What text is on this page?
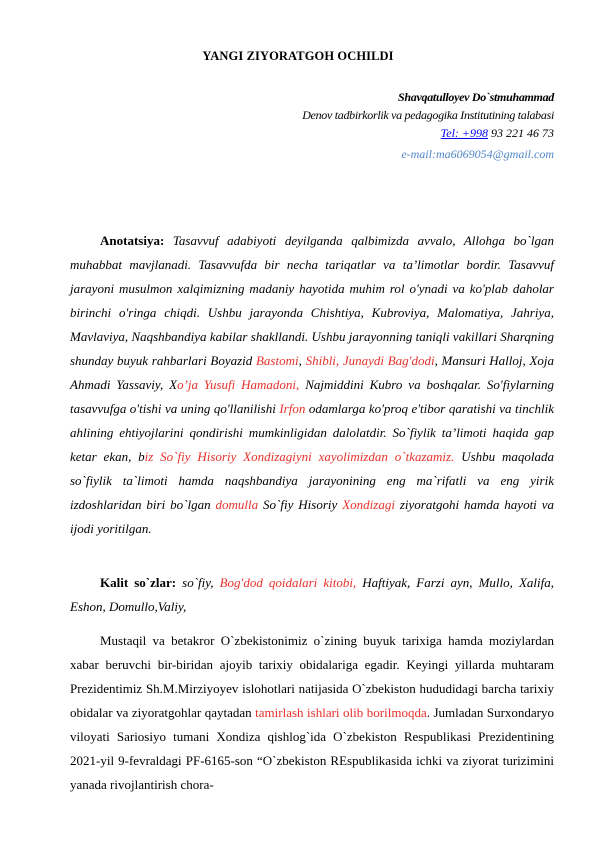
YANGI ZIYORATGOH OCHILDI
Shavqatulloyev Do`stmuhammad
Denov tadbirkorlik va pedagogika Institutining talabasi
Tel: +998 93 221 46 73
e-mail:ma6069054@gmail.com

Anotatsiya: Tasavvuf adabiyoti deyilganda qalbimizda avvalo, Allohga bo`lgan muhabbat mavjlanadi. Tasavvufda bir necha tariqatlar va ta’limotlar bordir. Tasavvuf jarayoni musulmon xalqimizning madaniy hayotida muhim rol o'ynadi va ko'plab daholar birinchi o'ringa chiqdi. Ushbu jarayonda Chishtiya, Kubroviya, Malomatiya, Jahriya, Mavlaviya, Naqshbandiya kabilar shakllandi. Ushbu jarayonning taniqli vakillari Sharqning shunday buyuk rahbarlari Boyazid Bastomi, Shibli, Junaydi Bag'dodi, Mansuri Halloj, Xoja Ahmadi Yassaviy, Xo’ja Yusufi Hamadoni, Najmiddini Kubro va boshqalar. So'fiylarning tasavvufga o'tishi va uning qo'llanilishi Irfon odamlarga ko'proq e'tibor qaratishi va tinchlik ahlining ehtiyojlarini qondirishi mumkinligidan dalolatdir. So`fiylik ta’limoti haqida gap ketar ekan, biz So`fiy Hisoriy Xondizagiyni xayolimizdan o`tkazamiz. Ushbu maqolada so`fiylik ta`limoti hamda naqshbandiya jarayonining eng ma`rifatli va eng yirik izdoshlaridan biri bo`lgan domulla So`fiy Hisoriy Xondizagi ziyoratgohi hamda hayoti va ijodi yoritilgan.

Kalit so`zlar: so`fiy, Bog'dod qoidalari kitobi, Haftiyak, Farzi ayn, Mullo, Xalifa, Eshon, Domullo,Valiy,

Mustaqil va betakror O`zbekistonimiz o`zining buyuk tarixiga hamda moziylardan xabar beruvchi bir-biridan ajoyib tarixiy obidalariga egadir. Keyingi yillarda muhtaram Prezidentimiz Sh.M.Mirziyoyev islohotlari natijasida O`zbekiston hududidagi barcha tarixiy obidalar va ziyoratgohlar qaytadan tamirlash ishlari olib borilmoqda. Jumladan Surxondaryo viloyati Sariosiyo tumani Xondiza qishlog`ida O`zbekiston Respublikasi Prezidentining 2021-yil 9-fevraldagi PF-6165-son “O`zbekiston REspublikasida ichki va ziyorat turizimini yanada rivojlantirish chora-
